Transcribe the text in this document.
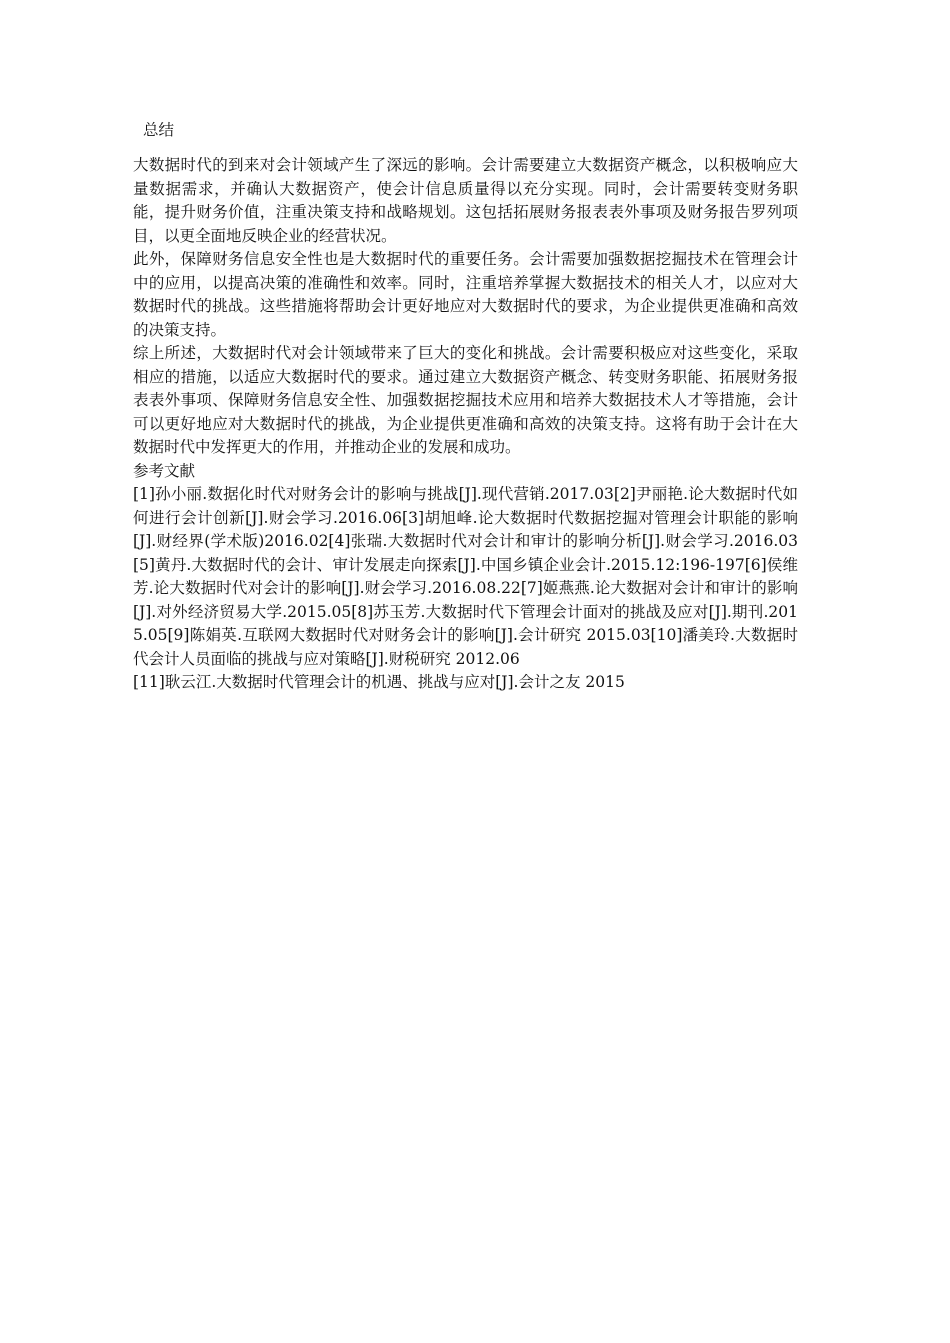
总结

大数据时代的到来对会计领域产生了深远的影响。会计需要建立大数据资产概念，以积极响应大量数据需求，并确认大数据资产，使会计信息质量得以充分实现。同时，会计需要转变财务职能，提升财务价值，注重决策支持和战略规划。这包括拓展财务报表表外事项及财务报告罗列项目，以更全面地反映企业的经营状况。

此外，保障财务信息安全性也是大数据时代的重要任务。会计需要加强数据挖掘技术在管理会计中的应用，以提高决策的准确性和效率。同时，注重培养掌握大数据技术的相关人才，以应对大数据时代的挑战。这些措施将帮助会计更好地应对大数据时代的要求，为企业提供更准确和高效的决策支持。

综上所述，大数据时代对会计领域带来了巨大的变化和挑战。会计需要积极应对这些变化，采取相应的措施，以适应大数据时代的要求。通过建立大数据资产概念、转变财务职能、拓展财务报表表外事项、保障财务信息安全性、加强数据挖掘技术应用和培养大数据技术人才等措施，会计可以更好地应对大数据时代的挑战，为企业提供更准确和高效的决策支持。这将有助于会计在大数据时代中发挥更大的作用，并推动企业的发展和成功。

参考文献

[1]孙小丽.数据化时代对财务会计的影响与挑战[J].现代营销.2017.03[2]尹丽艳.论大数据时代如何进行会计创新[J].财会学习.2016.06[3]胡旭峰.论大数据时代数据挖掘对管理会计职能的影响[J].财经界(学术版)2016.02[4]张瑞.大数据时代对会计和审计的影响分析[J].财会学习.2016.03[5]黄丹.大数据时代的会计、审计发展走向探索[J].中国乡镇企业会计.2015.12:196-197[6]侯维芳.论大数据时代对会计的影响[J].财会学习.2016.08.22[7]姬燕燕.论大数据对会计和审计的影响[J].对外经济贸易大学.2015.05[8]苏玉芳.大数据时代下管理会计面对的挑战及应对[J].期刊.2015.05[9]陈娟英.互联网大数据时代对财务会计的影响[J].会计研究 2015.03[10]潘美玲.大数据时代会计人员面临的挑战与应对策略[J].财税研究 2012.06

[11]耿云江.大数据时代管理会计的机遇、挑战与应对[J].会计之友 2015
